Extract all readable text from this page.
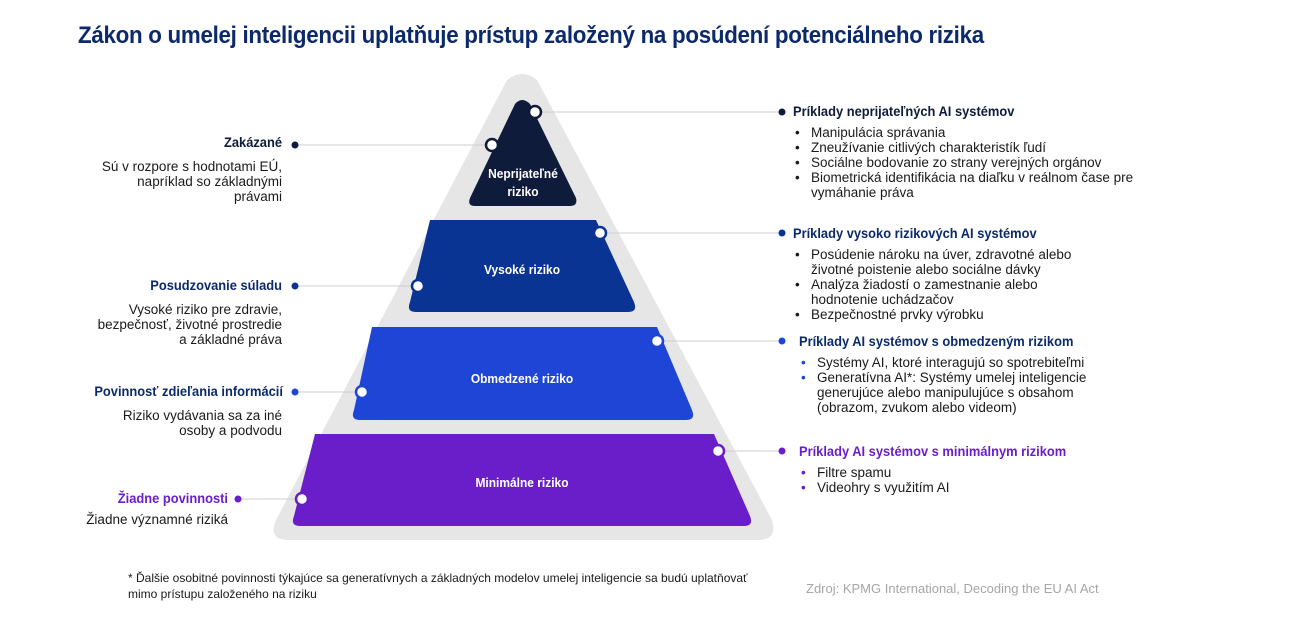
Zákon o umelej inteligencii uplatňuje prístup založený na posúdení potenciálneho rizika
Neprijateľné riziko
Vysoké riziko
Obmedzené riziko
Minimálne riziko
Zakázané
Sú v rozpore s hodnotami EÚ, napríklad so základnými právami
Posudzovanie súladu
Vysoké riziko pre zdravie, bezpečnosť, životné prostredie a základné práva
Povinnosť zdieľania informácií
Riziko vydávania sa za iné osoby a podvodu
Žiadne povinnosti
Žiadne významné riziká
Príklady neprijateľných AI systémov
• Manipulácia správania
• Zneužívanie citlivých charakteristík ľudí
• Sociálne bodovanie zo strany verejných orgánov
• Biometrická identifikácia na diaľku v reálnom čase pre vymáhanie práva
Príklady vysoko rizikových AI systémov
• Posúdenie nároku na úver, zdravotné alebo životné poistenie alebo sociálne dávky
• Analýza žiadostí o zamestnanie alebo hodnotenie uchádzačov
• Bezpečnostné prvky výrobku
Príklady AI systémov s obmedzeným rizikom
• Systémy AI, ktoré interagujú so spotrebiteľmi
• Generatívna AI*: Systémy umelej inteligencie generujúce alebo manipulujúce s obsahom (obrazom, zvukom alebo videom)
Príklady AI systémov s minimálnym rizikom
• Filtre spamu
• Videohry s využitím AI
* Ďalšie osobitné povinnosti týkajúce sa generatívnych a základných modelov umelej inteligencie sa budú uplatňovať mimo prístupu založeného na riziku	Zdroj: KPMG International, Decoding the EU AI Act
